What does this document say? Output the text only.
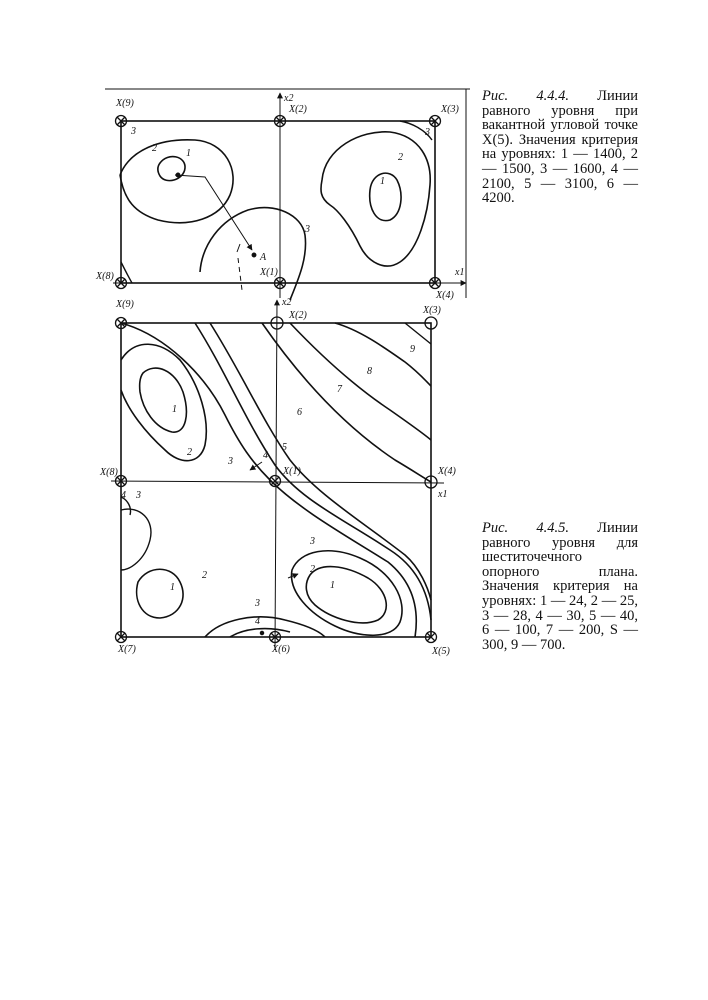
x2
x1
X(9)
X(2)	X(3)
X(8)	X(1)
X(4)
A
1
2
3
1
2
3
3
x2
x1
X(9)
X(2)	X(3)
X(8)	X(1)	X(4)
X(7)	X(6)	X(5)
1
2
3
4
5
6
7
8
9
4 3
1
2
3
2
1
3
4
Рис. 4.4.4. Линии равного уровня при вакантной угловой точке X(5). Значения критерия на уровнях: 1 — 1400, 2 — 1500, 3 — 1600, 4 — 2100, 5 — 3100, 6 — 4200.
Рис. 4.4.5. Линии равного уровня для шеститочечного опорного плана. Значения критерия на уровнях: 1 — 24, 2 — 25, 3 — 28, 4 — 30, 5 — 40, 6 — 100, 7 — 200, S — 300, 9 — 700.
